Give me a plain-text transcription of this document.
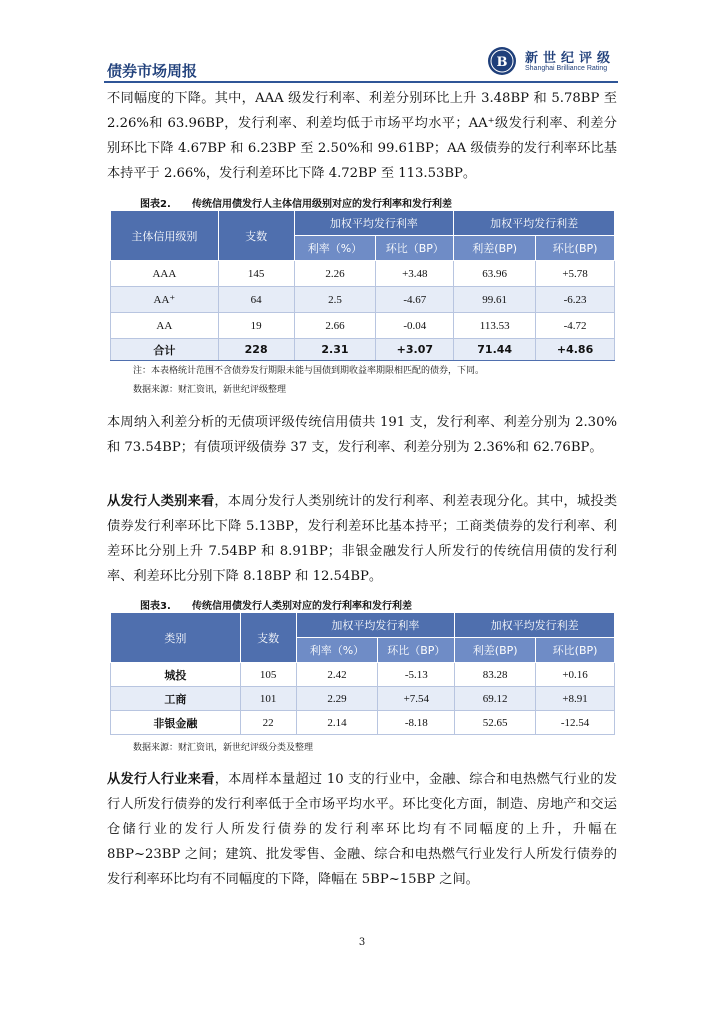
债券市场周报	B 新世纪评级
Shanghai Brilliance Rating

不同幅度的下降。其中，AAA 级发行利率、利差分别环比上升 3.48BP 和 5.78BP 至 2.26%和 63.96BP，发行利率、利差均低于市场平均水平；AA⁺级发行利率、利差分别环比下降 4.67BP 和 6.23BP 至 2.50%和 99.61BP；AA 级债券的发行利率环比基本持平于 2.66%，发行利差环比下降 4.72BP 至 113.53BP。

图表2. 传统信用债发行人主体信用级别对应的发行利率和发行利差
主体信用级别	支数	加权平均发行利率		加权平均发行利差	
		利率（%）	环比（BP）	利差(BP)	环比(BP)
AAA	145	2.26	+3.48	63.96	+5.78
AA⁺	64	2.5	-4.67	99.61	-6.23
AA	19	2.66	-0.04	113.53	-4.72
合计	228	2.31	+3.07	71.44	+4.86
注：本表格统计范围不含债券发行期限未能与国债到期收益率期限相匹配的债券，下同。
数据来源：财汇资讯，新世纪评级整理

本周纳入利差分析的无债项评级传统信用债共 191 支，发行利率、利差分别为 2.30%和 73.54BP；有债项评级债券 37 支，发行利率、利差分别为 2.36%和 62.76BP。

从发行人类别来看，本周分发行人类别统计的发行利率、利差表现分化。其中，城投类债券发行利率环比下降 5.13BP，发行利差环比基本持平；工商类债券的发行利率、利差环比分别上升 7.54BP 和 8.91BP；非银金融发行人所发行的传统信用债的发行利率、利差环比分别下降 8.18BP 和 12.54BP。

图表3. 传统信用债发行人类别对应的发行利率和发行利差
类别	支数	加权平均发行利率		加权平均发行利差	
		利率（%）	环比（BP）	利差(BP)	环比(BP)
城投	105	2.42	-5.13	83.28	+0.16
工商	101	2.29	+7.54	69.12	+8.91
非银金融	22	2.14	-8.18	52.65	-12.54
数据来源：财汇资讯，新世纪评级分类及整理

从发行人行业来看，本周样本量超过 10 支的行业中，金融、综合和电热燃气行业的发行人所发行债券的发行利率低于全市场平均水平。环比变化方面，制造、房地产和交运仓储行业的发行人所发行债券的发行利率环比均有不同幅度的上升，升幅在 8BP~23BP 之间；建筑、批发零售、金融、综合和电热燃气行业发行人所发行债券的发行利率环比均有不同幅度的下降，降幅在 5BP~15BP 之间。

3
